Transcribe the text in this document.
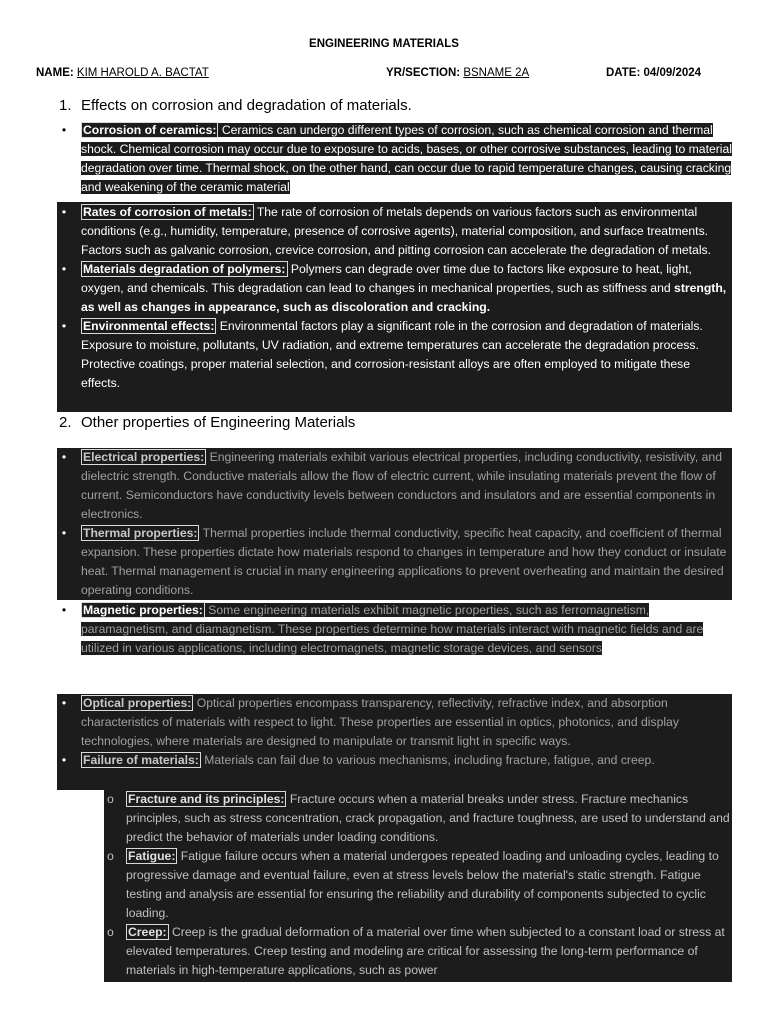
ENGINEERING MATERIALS
NAME: KIM HAROLD A. BACTAT	YR/SECTION: BSNAME 2A	DATE: 04/09/2024
1. Effects on corrosion and degradation of materials.
• Corrosion of ceramics: Ceramics can undergo different types of corrosion, such as chemical corrosion and thermal shock. Chemical corrosion may occur due to exposure to acids, bases, or other corrosive substances, leading to material degradation over time. Thermal shock, on the other hand, can occur due to rapid temperature changes, causing cracking and weakening of the ceramic material
• Rates of corrosion of metals: The rate of corrosion of metals depends on various factors such as environmental conditions (e.g., humidity, temperature, presence of corrosive agents), material composition, and surface treatments. Factors such as galvanic corrosion, crevice corrosion, and pitting corrosion can accelerate the degradation of metals.
• Materials degradation of polymers: Polymers can degrade over time due to factors like exposure to heat, light, oxygen, and chemicals. This degradation can lead to changes in mechanical properties, such as stiffness and strength, as well as changes in appearance, such as discoloration and cracking.
• Environmental effects: Environmental factors play a significant role in the corrosion and degradation of materials. Exposure to moisture, pollutants, UV radiation, and extreme temperatures can accelerate the degradation process. Protective coatings, proper material selection, and corrosion-resistant alloys are often employed to mitigate these effects.
2. Other properties of Engineering Materials
• Electrical properties: Engineering materials exhibit various electrical properties, including conductivity, resistivity, and dielectric strength. Conductive materials allow the flow of electric current, while insulating materials prevent the flow of current. Semiconductors have conductivity levels between conductors and insulators and are essential components in electronics.
• Thermal properties: Thermal properties include thermal conductivity, specific heat capacity, and coefficient of thermal expansion. These properties dictate how materials respond to changes in temperature and how they conduct or insulate heat. Thermal management is crucial in many engineering applications to prevent overheating and maintain the desired operating conditions.
• Magnetic properties: Some engineering materials exhibit magnetic properties, such as ferromagnetism, paramagnetism, and diamagnetism. These properties determine how materials interact with magnetic fields and are utilized in various applications, including electromagnets, magnetic storage devices, and sensors
• Optical properties: Optical properties encompass transparency, reflectivity, refractive index, and absorption characteristics of materials with respect to light. These properties are essential in optics, photonics, and display technologies, where materials are designed to manipulate or transmit light in specific ways.
• Failure of materials: Materials can fail due to various mechanisms, including fracture, fatigue, and creep.
o Fracture and its principles: Fracture occurs when a material breaks under stress. Fracture mechanics principles, such as stress concentration, crack propagation, and fracture toughness, are used to understand and predict the behavior of materials under loading conditions.
o Fatigue: Fatigue failure occurs when a material undergoes repeated loading and unloading cycles, leading to progressive damage and eventual failure, even at stress levels below the material's static strength. Fatigue testing and analysis are essential for ensuring the reliability and durability of components subjected to cyclic loading.
o Creep: Creep is the gradual deformation of a material over time when subjected to a constant load or stress at elevated temperatures. Creep testing and modeling are critical for assessing the long-term performance of materials in high-temperature applications, such as power
